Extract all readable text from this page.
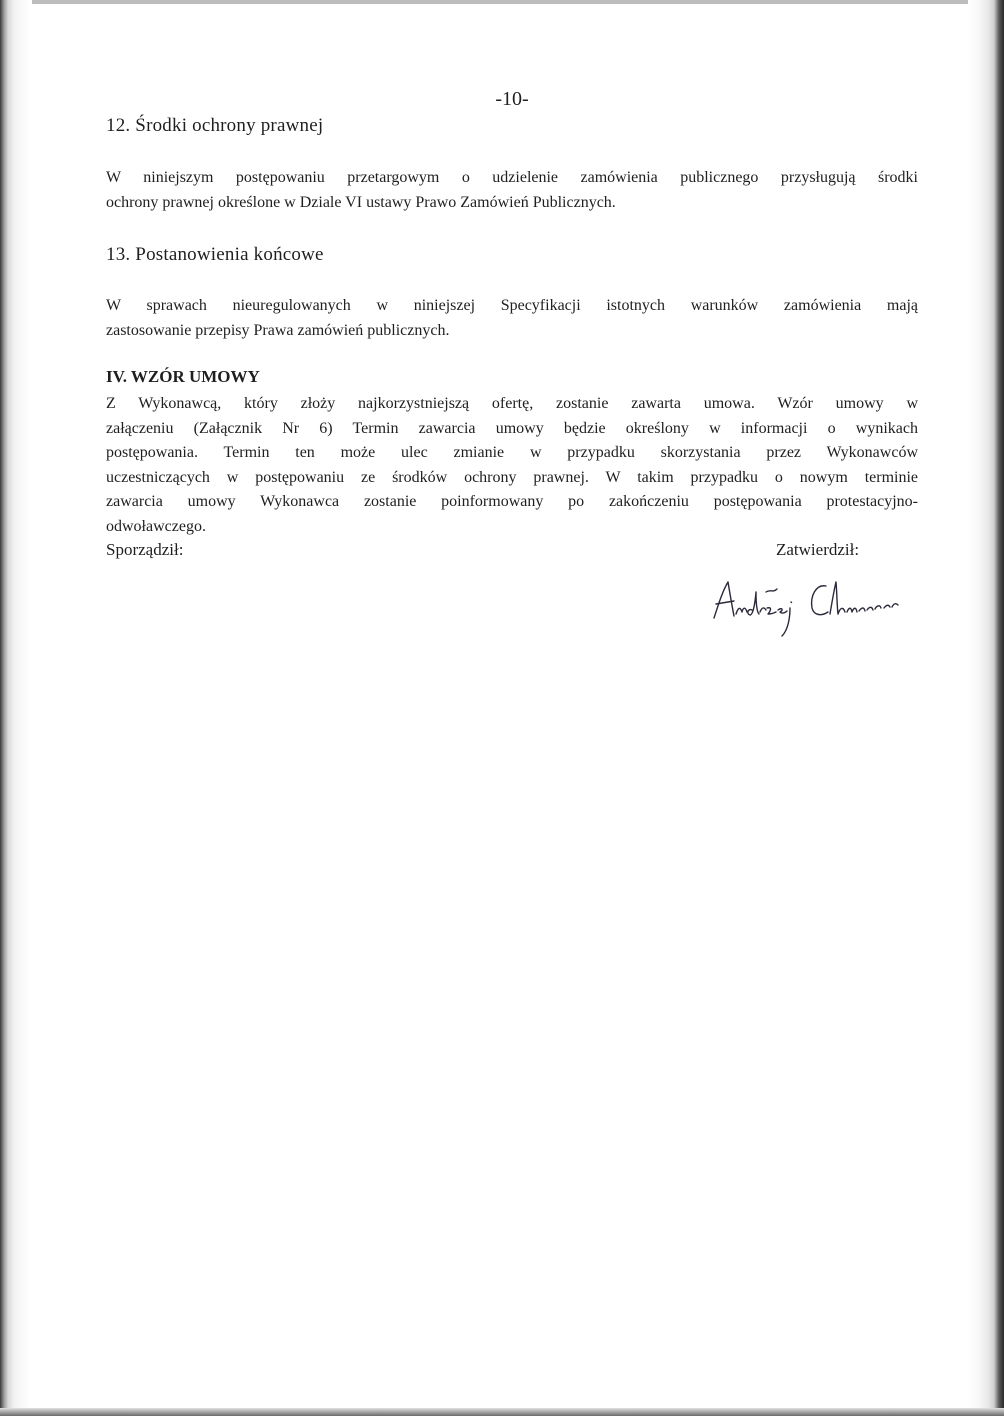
-10-
12. Środki ochrony prawnej
W niniejszym postępowaniu przetargowym o udzielenie zamówienia publicznego przysługują środki
ochrony prawnej określone w Dziale VI ustawy Prawo Zamówień Publicznych.
13. Postanowienia końcowe
W sprawach nieuregulowanych w niniejszej Specyfikacji istotnych warunków zamówienia mają
zastosowanie przepisy Prawa zamówień publicznych.
IV. WZÓR UMOWY
Z Wykonawcą, który złoży najkorzystniejszą ofertę, zostanie zawarta umowa. Wzór umowy w
załączeniu (Załącznik Nr 6) Termin zawarcia umowy będzie określony w informacji o wynikach
postępowania. Termin ten może ulec zmianie w przypadku skorzystania przez Wykonawców
uczestniczących w postępowaniu ze środków ochrony prawnej. W takim przypadku o nowym terminie
zawarcia umowy Wykonawca zostanie poinformowany po zakończeniu postępowania protestacyjno-
odwoławczego.
Sporządził:	Zatwierdził:
